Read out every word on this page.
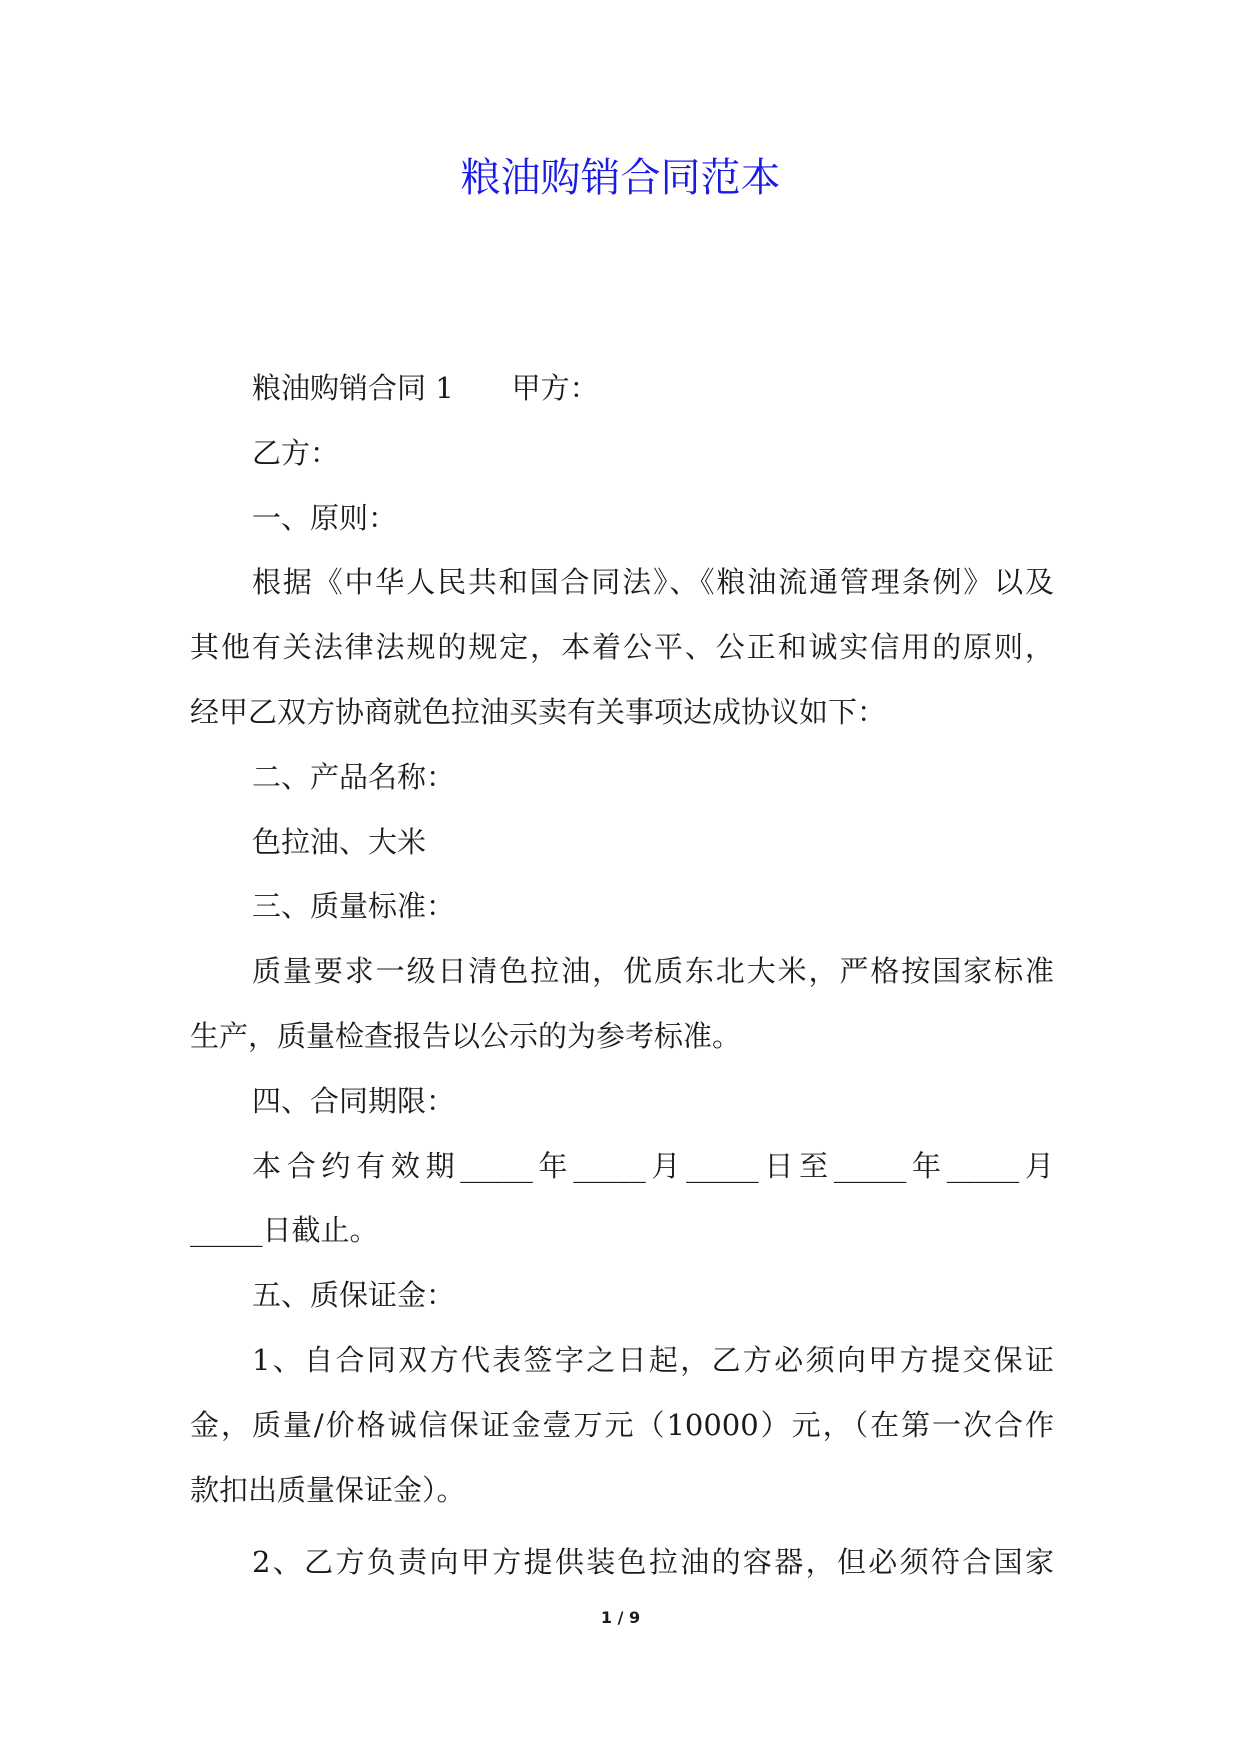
粮油购销合同范本
粮油购销合同 1 甲方：
乙方：
一、原则：
根据《中华人民共和国合同法》、《粮油流通管理条例》以及
其他有关法律法规的规定，本着公平、公正和诚实信用的原则，
经甲乙双方协商就色拉油买卖有关事项达成协议如下：
二、产品名称：
色拉油、大米
三、质量标准：
质量要求一级日清色拉油，优质东北大米，严格按国家标准
生产，质量检查报告以公示的为参考标准。
四、合同期限：
本合约有效期_____年_____月_____日至_____年_____月
_____日截止。
五、质保证金：
1、自合同双方代表签字之日起，乙方必须向甲方提交保证
金，质量/价格诚信保证金壹万元（10000）元，（在第一次合作
款扣出质量保证金）。
2、乙方负责向甲方提供装色拉油的容器，但必须符合国家
1 / 9
